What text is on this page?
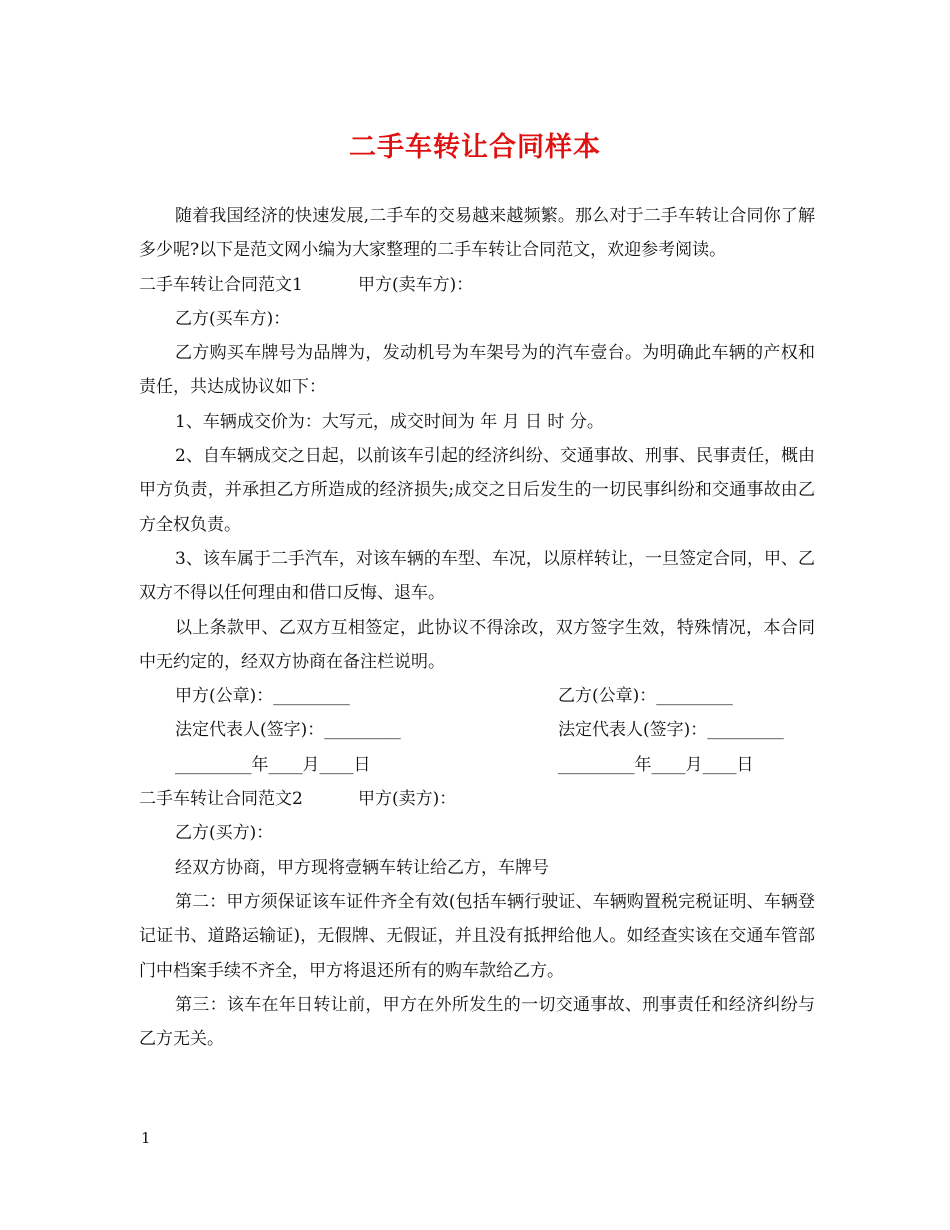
二手车转让合同样本

随着我国经济的快速发展,二手车的交易越来越频繁。那么对于二手车转让合同你了解多少呢?以下是范文网小编为大家整理的二手车转让合同范文，欢迎参考阅读。

二手车转让合同范文1	甲方(卖车方)：

乙方(买车方)：

乙方购买车牌号为品牌为，发动机号为车架号为的汽车壹台。为明确此车辆的产权和责任，共达成协议如下：

1、车辆成交价为：大写元，成交时间为 年 月 日 时 分。

2、自车辆成交之日起，以前该车引起的经济纠纷、交通事故、刑事、民事责任，概由甲方负责，并承担乙方所造成的经济损失;成交之日后发生的一切民事纠纷和交通事故由乙方全权负责。

3、该车属于二手汽车，对该车辆的车型、车况，以原样转让，一旦签定合同，甲、乙双方不得以任何理由和借口反悔、退车。

以上条款甲、乙双方互相签定，此协议不得涂改，双方签字生效，特殊情况，本合同中无约定的，经双方协商在备注栏说明。

甲方(公章)：_________	乙方(公章)：_________
法定代表人(签字)：_________	法定代表人(签字)：_________
_________年____月____日	_________年____月____日
二手车转让合同范文2	甲方(卖方)：

乙方(买方)：

经双方协商，甲方现将壹辆车转让给乙方，车牌号

第二：甲方须保证该车证件齐全有效(包括车辆行驶证、车辆购置税完税证明、车辆登记证书、道路运输证)，无假牌、无假证，并且没有抵押给他人。如经查实该在交通车管部门中档案手续不齐全，甲方将退还所有的购车款给乙方。

第三：该车在年日转让前，甲方在外所发生的一切交通事故、刑事责任和经济纠纷与乙方无关。

1
